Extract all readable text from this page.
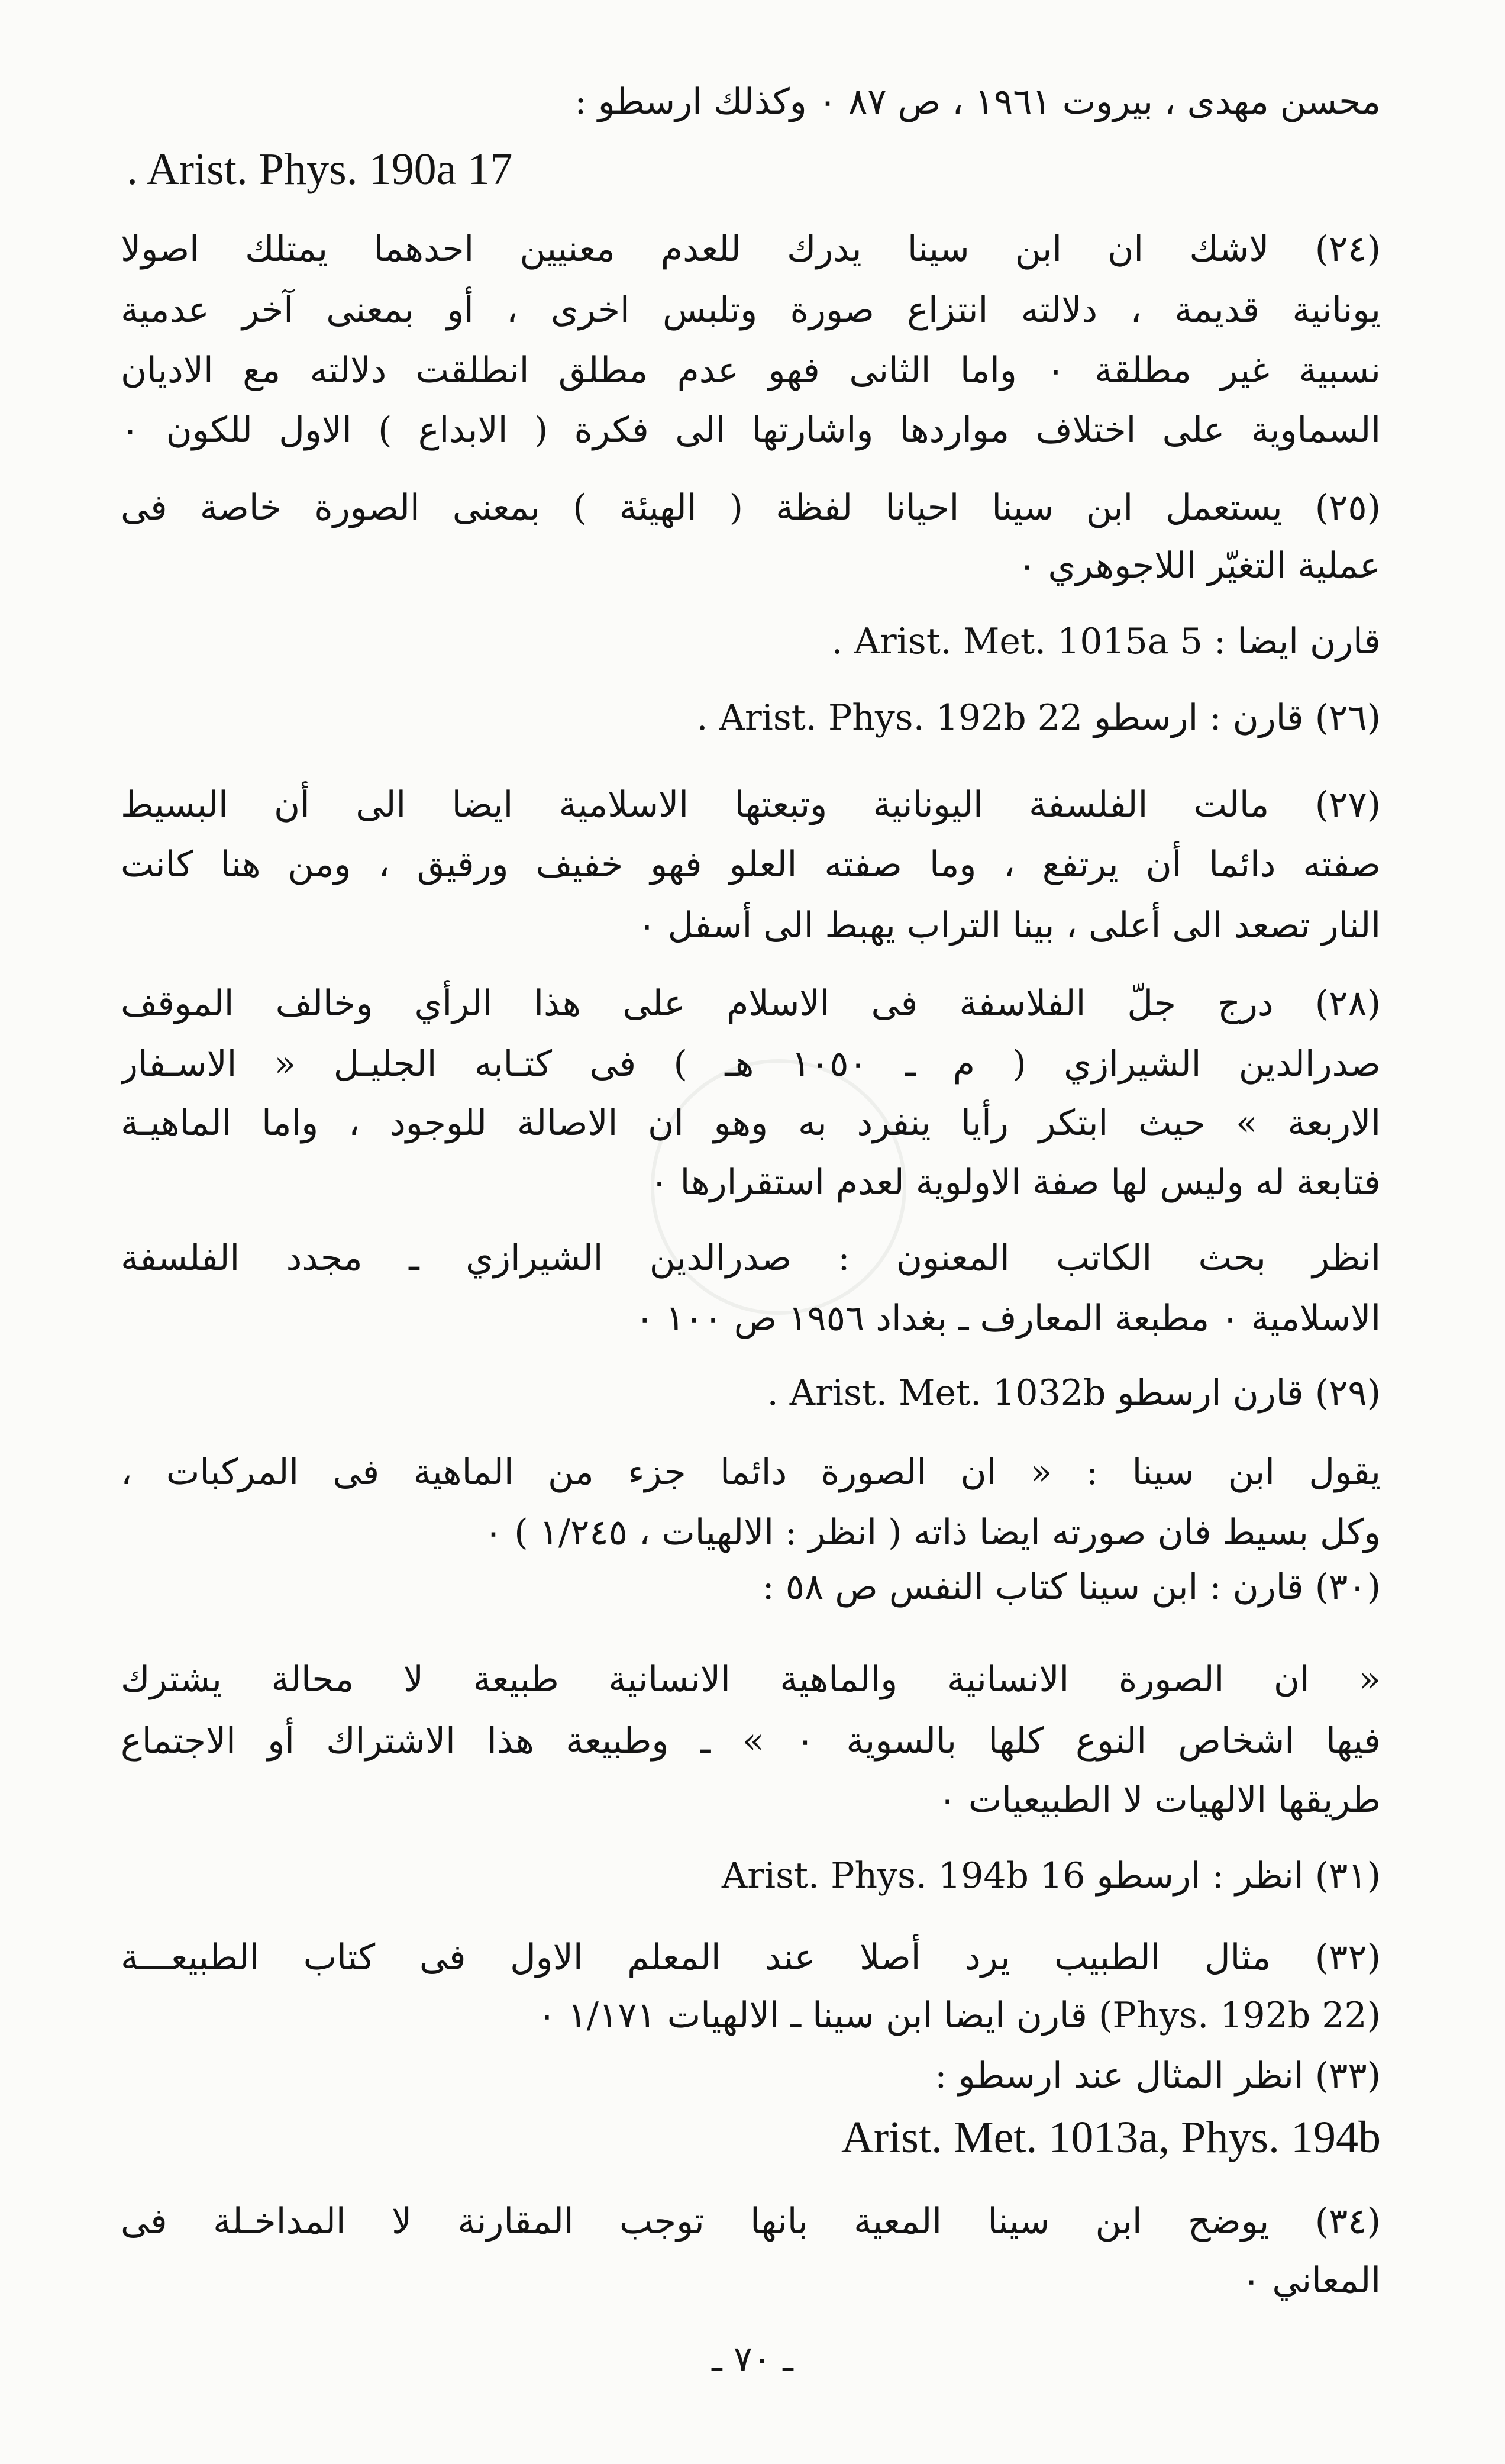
محسن مهدی ، بیروت ١٩٦١ ، ص ٨٧ ٠ وكذلك ارسطو :
. Arist. Phys. 190a 17
(٢٤) لاشك ان ابن سينا يدرك للعدم معنيين احدهما يمتلك اصولا
يونانية قديمة ، دلالته انتزاع صورة وتلبس اخرى ، أو بمعنى آخر عدمية
نسبية غير مطلقة ٠ واما الثانى فهو عدم مطلق انطلقت دلالته مع الاديان
السماوية على اختلاف مواردها واشارتها الى فكرة ( الابداع ) الاول للكون ٠
(٢٥) يستعمل ابن سينا احيانا لفظة ( الهيئة ) بمعنى الصورة خاصة فى
عملية التغيّر اللاجوهري ٠
قارن ايضا : Arist. Met. 1015a 5 .
(٢٦) قارن : ارسطو Arist. Phys. 192b 22 .
(٢٧) مالت الفلسفة اليونانية وتبعتها الاسلامية ايضا الى أن البسيط
صفته دائما أن يرتفع ، وما صفته العلو فهو خفيف ورقيق ، ومن هنا كانت
النار تصعد الى أعلى ، بينا التراب يهبط الى أسفل ٠
(٢٨) درج جلّ الفلاسفة فى الاسلام على هذا الرأي وخالف الموقف
صدرالدين الشيرازي ( م ـ ١٠٥٠ هـ ) فى كتـابه الجليـل « الاسـفار
الاربعة » حيث ابتكر رأيا ينفرد به وهو ان الاصالة للوجود ، واما الماهيـة
فتابعة له وليس لها صفة الاولوية لعدم استقرارها ٠
انظر بحث الكاتب المعنون : صدرالدين الشيرازي ـ مجدد الفلسفة
الاسلامية ٠ مطبعة المعارف ـ بغداد ١٩٥٦ ص ١٠٠ ٠
(٢٩) قارن ارسطو Arist. Met. 1032b .
يقول ابن سينا : « ان الصورة دائما جزء من الماهية فى المركبات ،
وكل بسيط فان صورته ايضا ذاته ( انظر : الالهيات ، ١/٢٤٥ ) ٠
(٣٠) قارن : ابن سينا كتاب النفس ص ٥٨ :
« ان الصورة الانسانية والماهية الانسانية طبيعة لا محالة يشترك
فيها اشخاص النوع كلها بالسوية ٠ » ـ وطبيعة هذا الاشتراك أو الاجتماع
طريقها الالهيات لا الطبيعيات ٠
(٣١) انظر : ارسطو Arist. Phys. 194b 16
(٣٢) مثال الطبيب يرد أصلا عند المعلم الاول فى كتاب الطبيعـــة
(Phys. 192b 22) قارن ايضا ابن سينا ـ الالهيات ١/١٧١ ٠
(٣٣) انظر المثال عند ارسطو :
Arist. Met. 1013a, Phys. 194b
(٣٤) يوضح ابن سينا المعية بانها توجب المقارنة لا المداخـلة فى
المعاني ٠
ـ ٧٠ ـ
